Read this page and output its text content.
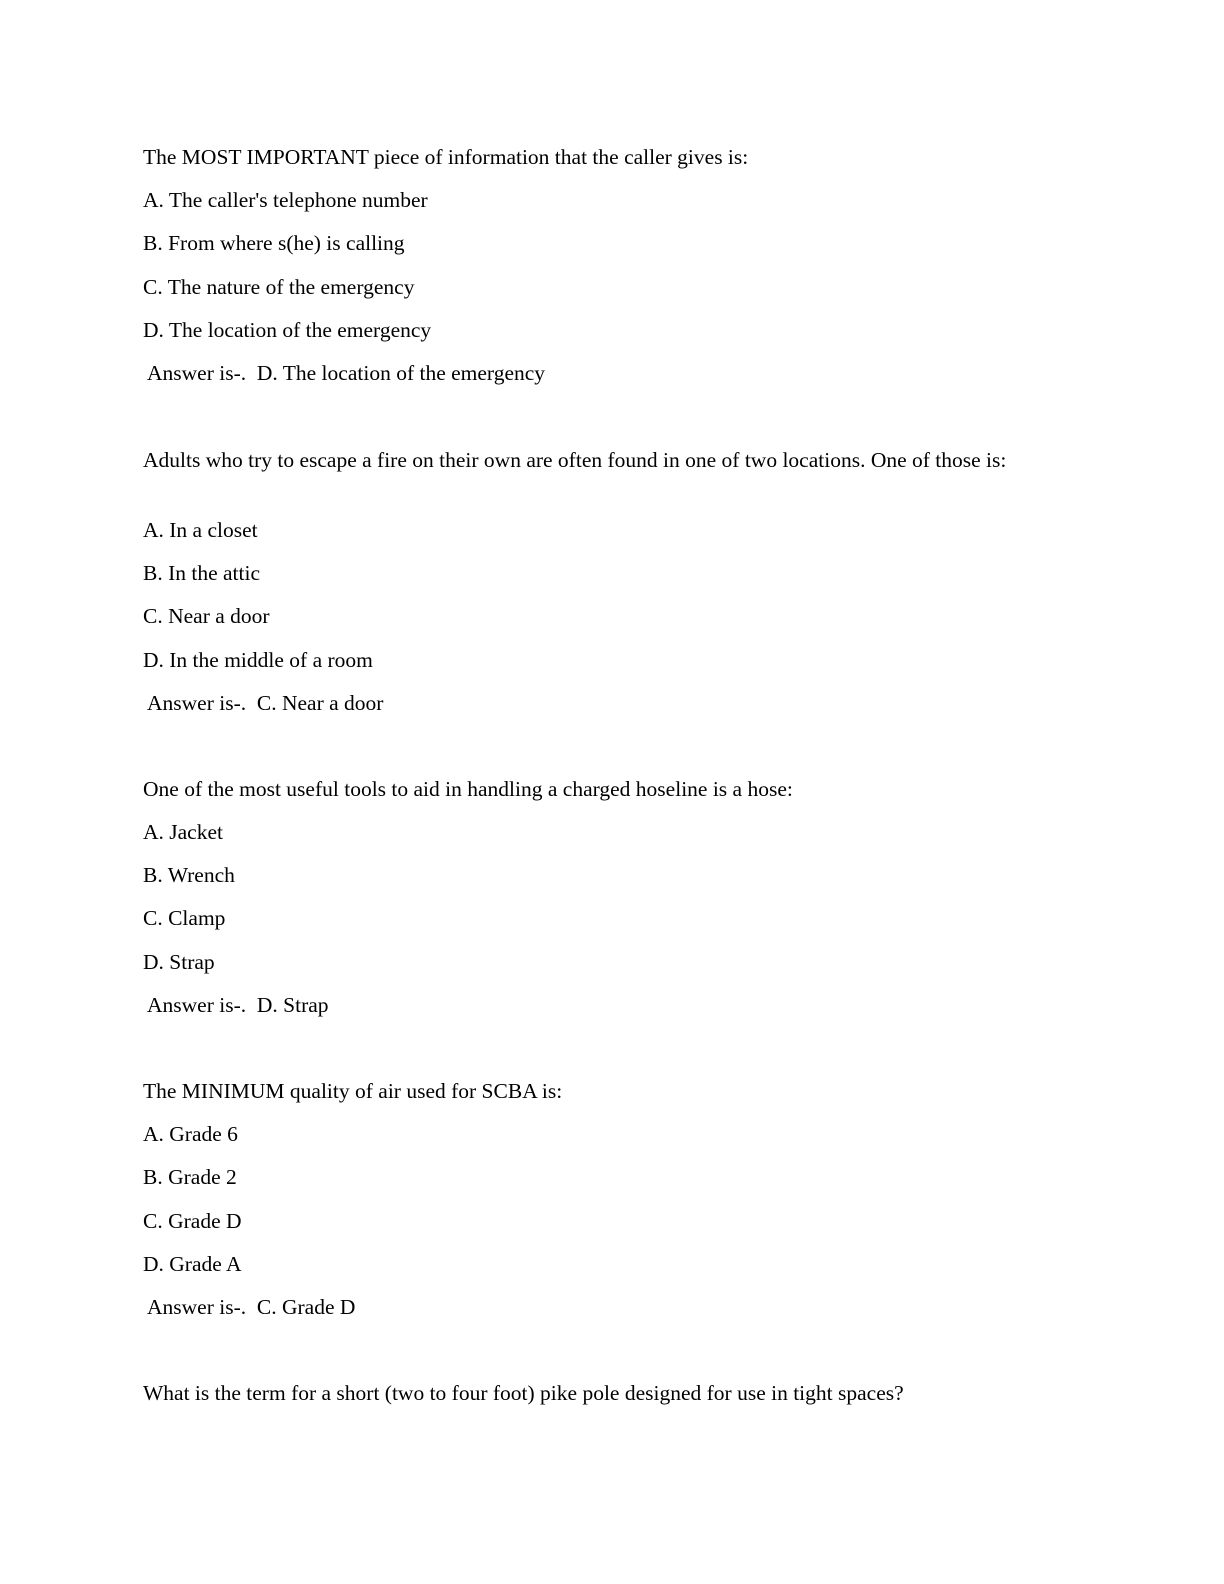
The MOST IMPORTANT piece of information that the caller gives is:

A. The caller's telephone number

B. From where s(he) is calling

C. The nature of the emergency

D. The location of the emergency

Answer is-.  D. The location of the emergency

Adults who try to escape a fire on their own are often found in one of two locations. One of those is:

A. In a closet

B. In the attic

C. Near a door

D. In the middle of a room

Answer is-.  C. Near a door

One of the most useful tools to aid in handling a charged hoseline is a hose:

A. Jacket

B. Wrench

C. Clamp

D. Strap

Answer is-.  D. Strap

The MINIMUM quality of air used for SCBA is:

A. Grade 6

B. Grade 2

C. Grade D

D. Grade A

Answer is-.  C. Grade D

What is the term for a short (two to four foot) pike pole designed for use in tight spaces?
